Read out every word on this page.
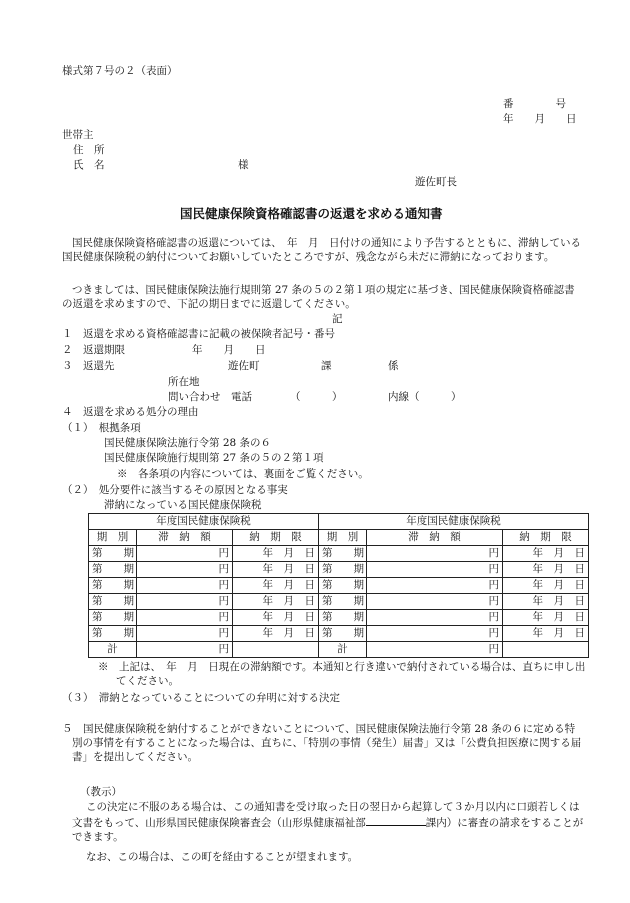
様式第７号の２（表面）
番　　　　号
年　　月　　日
世帯主
住　所
氏　名	様
遊佐町長
国民健康保険資格確認書の返還を求める通知書
国民健康保険資格確認書の返還については、　年　月　日付けの通知により予告するとともに、滞納している国民健康保険税の納付についてお願いしていたところですが、残念ながら未だに滞納になっております。
つきましては、国民健康保険法施行規則第 27 条の５の２第１項の規定に基づき、国民健康保険資格確認書の返還を求めますので、下記の期日までに返還してください。
記
１　返還を求める資格確認書に記載の被保険者記号・番号
２　返還期限	年　　月　　日
３　返還先	遊佐町	課	係
所在地
問い合わせ　電話	（　　　）	内線（　　　）
４　返還を求める処分の理由
（１）　根拠条項
国民健康保険法施行令第 28 条の６
国民健康保険施行規則第 27 条の５の２第１項
※　各条項の内容については、裏面をご覧ください。
（２）　処分要件に該当するその原因となる事実
滞納になっている国民健康保険税
年度国民健康保険税			年度国民健康保険税		
期　別	滞　納　額	納　期　限	期　別	滞　納　額	納　期　限
第　　期	円	年　月　日	第　　期	円	年　月　日
第　　期	円	年　月　日	第　　期	円	年　月　日
第　　期	円	年　月　日	第　　期	円	年　月　日
第　　期	円	年　月　日	第　　期	円	年　月　日
第　　期	円	年　月　日	第　　期	円	年　月　日
第　　期	円	年　月　日	第　　期	円	年　月　日
計	円		計	円	
※　上記は、　年　月　日現在の滞納額です。本通知と行き違いで納付されている場合は、直ちに申し出てください。
（３）　滞納となっていることについての弁明に対する決定
５　国民健康保険税を納付することができないことについて、国民健康保険法施行令第 28 条の６に定める特別の事情を有することになった場合は、直ちに、「特別の事情（発生）届書」又は「公費負担医療に関する届書」を提出してください。
（教示）
この決定に不服のある場合は、この通知書を受け取った日の翌日から起算して３か月以内に口頭若しくは文書をもって、山形県国民健康保険審査会（山形県健康福祉部	課内）に審査の請求をすることができます。
なお、この場合は、この町を経由することが望まれます。
